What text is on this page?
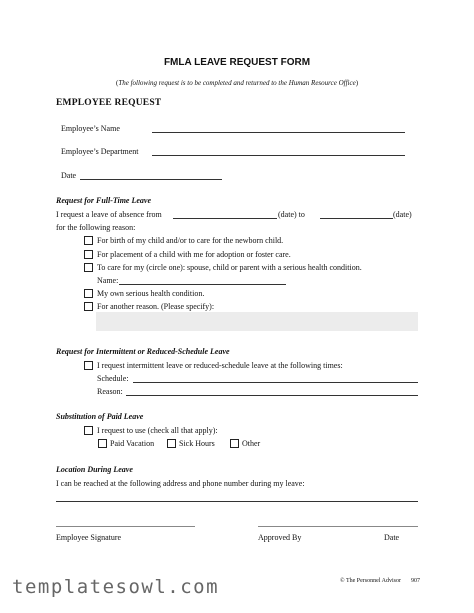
FMLA LEAVE REQUEST FORM
(The following request is to be completed and returned to the Human Resource Office)
EMPLOYEE REQUEST
Employee’s Name
Employee’s Department
Date
Request for Full-Time Leave
I request a leave of absence from	(date) to	(date)
for the following reason:
For birth of my child and/or to care for the newborn child.
For placement of a child with me for adoption or foster care.
To care for my (circle one): spouse, child or parent with a serious health condition.
Name:
My own serious health condition.
For another reason. (Please specify):
Request for Intermittent or Reduced-Schedule Leave
I request intermittent leave or reduced-schedule leave at the following times:
Schedule:
Reason:
Substitution of Paid Leave
I request to use (check all that apply):
Paid Vacation	Sick Hours	Other
Location During Leave
I can be reached at the following address and phone number during my leave:
Employee Signature	Approved By	Date
© The Personnel Advisor 907
templatesowl.com
